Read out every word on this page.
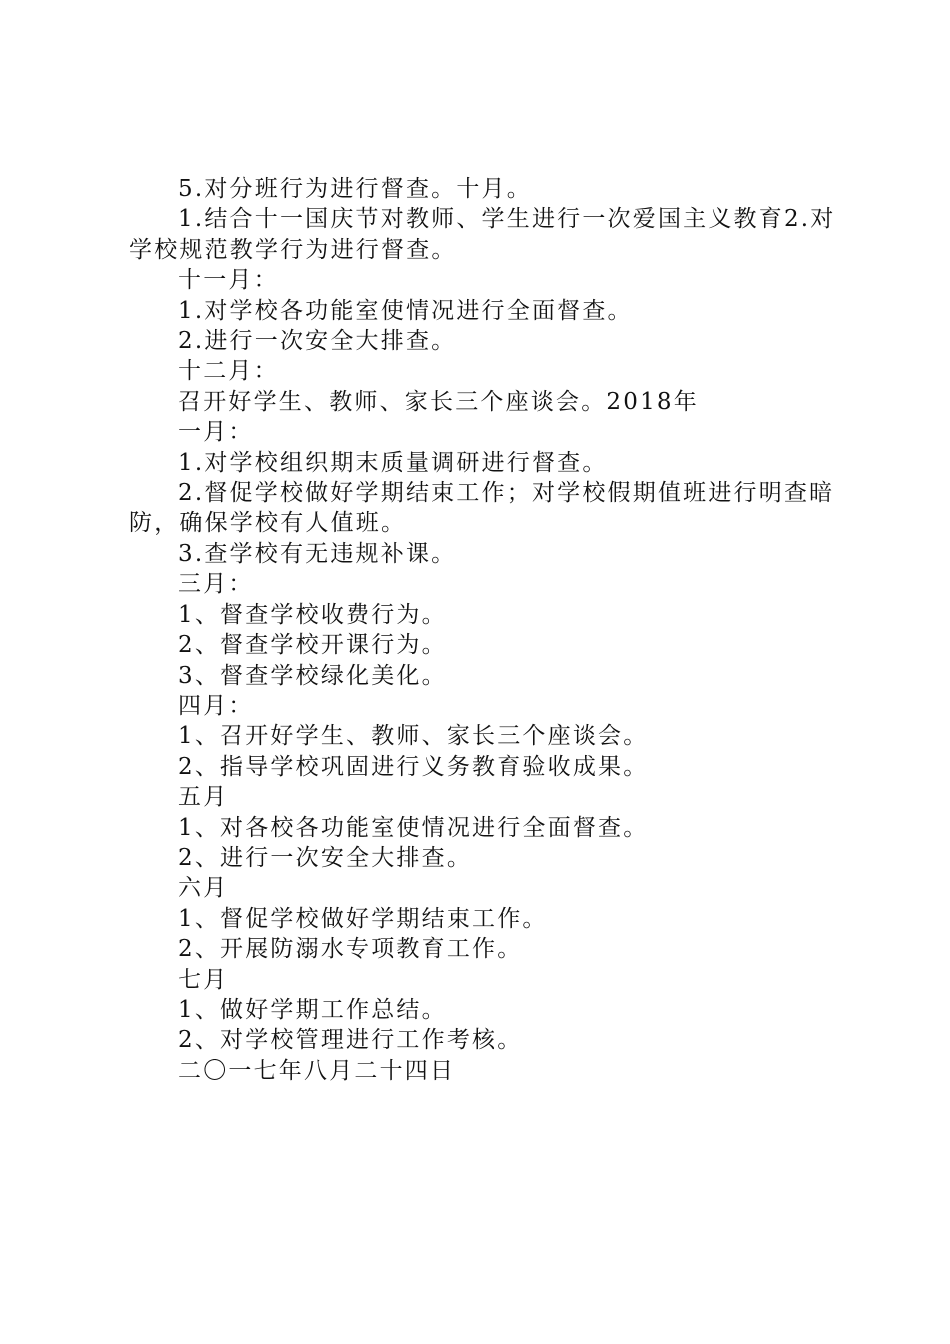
5.对分班行为进行督查。十月。

1.结合十一国庆节对教师、学生进行一次爱国主义教育2.对学校规范教学行为进行督查。

十一月：

1.对学校各功能室使情况进行全面督查。

2.进行一次安全大排查。

十二月：

召开好学生、教师、家长三个座谈会。2018年

一月：

1.对学校组织期末质量调研进行督查。

2.督促学校做好学期结束工作；对学校假期值班进行明查暗防，确保学校有人值班。

3.查学校有无违规补课。

三月：

1、督查学校收费行为。

2、督查学校开课行为。

3、督查学校绿化美化。

四月：

1、召开好学生、教师、家长三个座谈会。

2、指导学校巩固进行义务教育验收成果。

五月

1、对各校各功能室使情况进行全面督查。

2、进行一次安全大排查。

六月

1、督促学校做好学期结束工作。

2、开展防溺水专项教育工作。

七月

1、做好学期工作总结。

2、对学校管理进行工作考核。

二〇一七年八月二十四日
